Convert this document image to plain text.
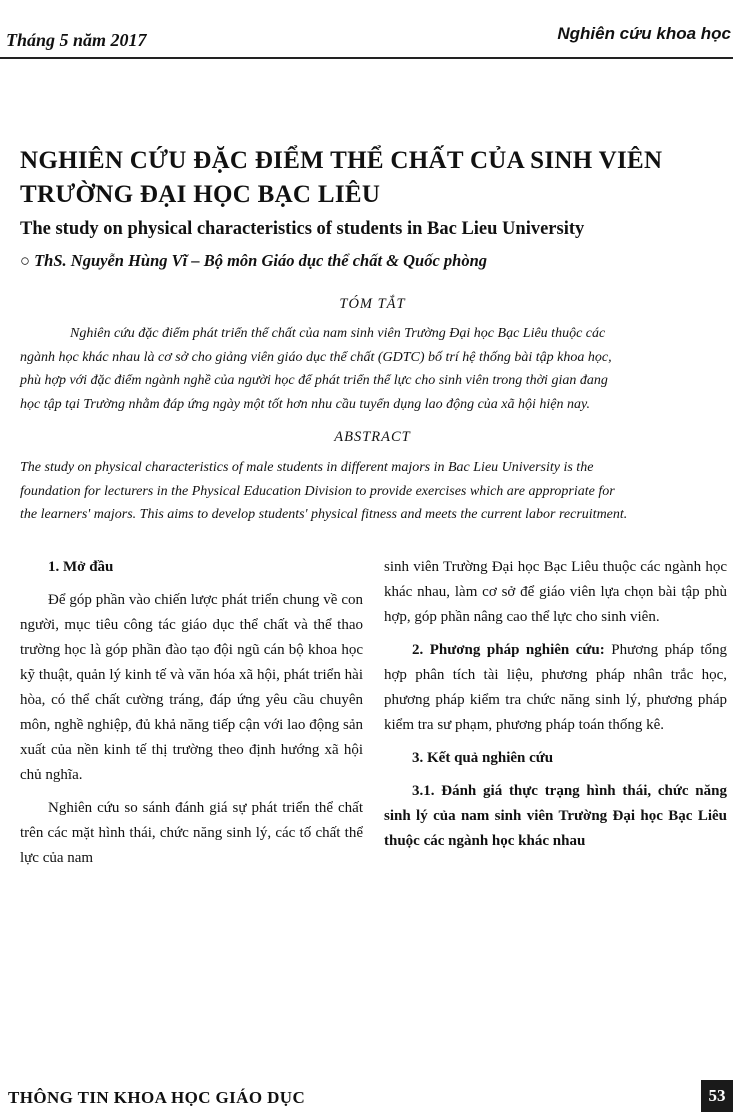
Tháng 5 năm 2017	Nghiên cứu khoa học
NGHIÊN CỨU ĐẶC ĐIỂM THỂ CHẤT CỦA SINH VIÊN
TRƯỜNG ĐẠI HỌC BẠC LIÊU
The study on physical characteristics of students in Bac Lieu University
○ ThS. Nguyễn Hùng Vĩ – Bộ môn Giáo dục thể chất & Quốc phòng
TÓM TẮT
Nghiên cứu đặc điểm phát triển thể chất của nam sinh viên Trường Đại học Bạc Liêu thuộc các
ngành học khác nhau là cơ sở cho giảng viên giáo dục thể chất (GDTC) bố trí hệ thống bài tập khoa học,
phù hợp với đặc điểm ngành nghề của người học để phát triển thể lực cho sinh viên trong thời gian đang
học tập tại Trường nhằm đáp ứng ngày một tốt hơn nhu cầu tuyển dụng lao động của xã hội hiện nay.
ABSTRACT
The study on physical characteristics of male students in different majors in Bac Lieu University is the
foundation for lecturers in the Physical Education Division to provide exercises which are appropriate for
the learners' majors. This aims to develop students' physical fitness and meets the current labor recruitment.

1. Mở đầu

Để góp phần vào chiến lược phát triển chung về con người, mục tiêu công tác giáo dục thể chất và thể thao trường học là góp phần đào tạo đội ngũ cán bộ khoa học kỹ thuật, quản lý kinh tế và văn hóa xã hội, phát triển hài hòa, có thể chất cường tráng, đáp ứng yêu cầu chuyên môn, nghề nghiệp, đủ khả năng tiếp cận với lao động sản xuất của nền kinh tế thị trường theo định hướng xã hội chủ nghĩa.

Nghiên cứu so sánh đánh giá sự phát triển thể chất trên các mặt hình thái, chức năng sinh lý, các tố chất thể lực của nam

sinh viên Trường Đại học Bạc Liêu thuộc các ngành học khác nhau, làm cơ sở để giáo viên lựa chọn bài tập phù hợp, góp phần nâng cao thể lực cho sinh viên.

2. Phương pháp nghiên cứu: Phương pháp tổng hợp phân tích tài liệu, phương pháp nhân trắc học, phương pháp kiểm tra chức năng sinh lý, phương pháp kiểm tra sư phạm, phương pháp toán thống kê.

3. Kết quả nghiên cứu

3.1. Đánh giá thực trạng hình thái, chức năng sinh lý của nam sinh viên Trường Đại học Bạc Liêu thuộc các ngành học khác nhau

THÔNG TIN KHOA HỌC GIÁO DỤC	53
